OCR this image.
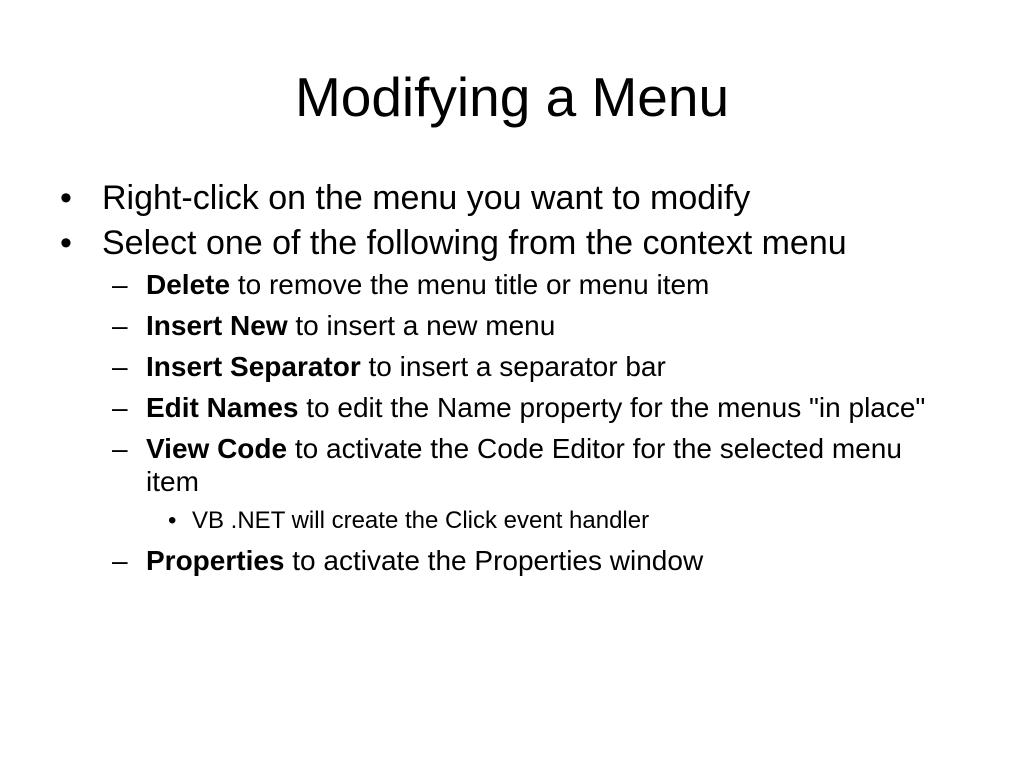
Modifying a Menu
• Right-click on the menu you want to modify
• Select one of the following from the context menu
– Delete to remove the menu title or menu item
– Insert New to insert a new menu
– Insert Separator to insert a separator bar
– Edit Names to edit the Name property for the menus "in place"
– View Code to activate the Code Editor for the selected menu item
• VB .NET will create the Click event handler
– Properties to activate the Properties window
